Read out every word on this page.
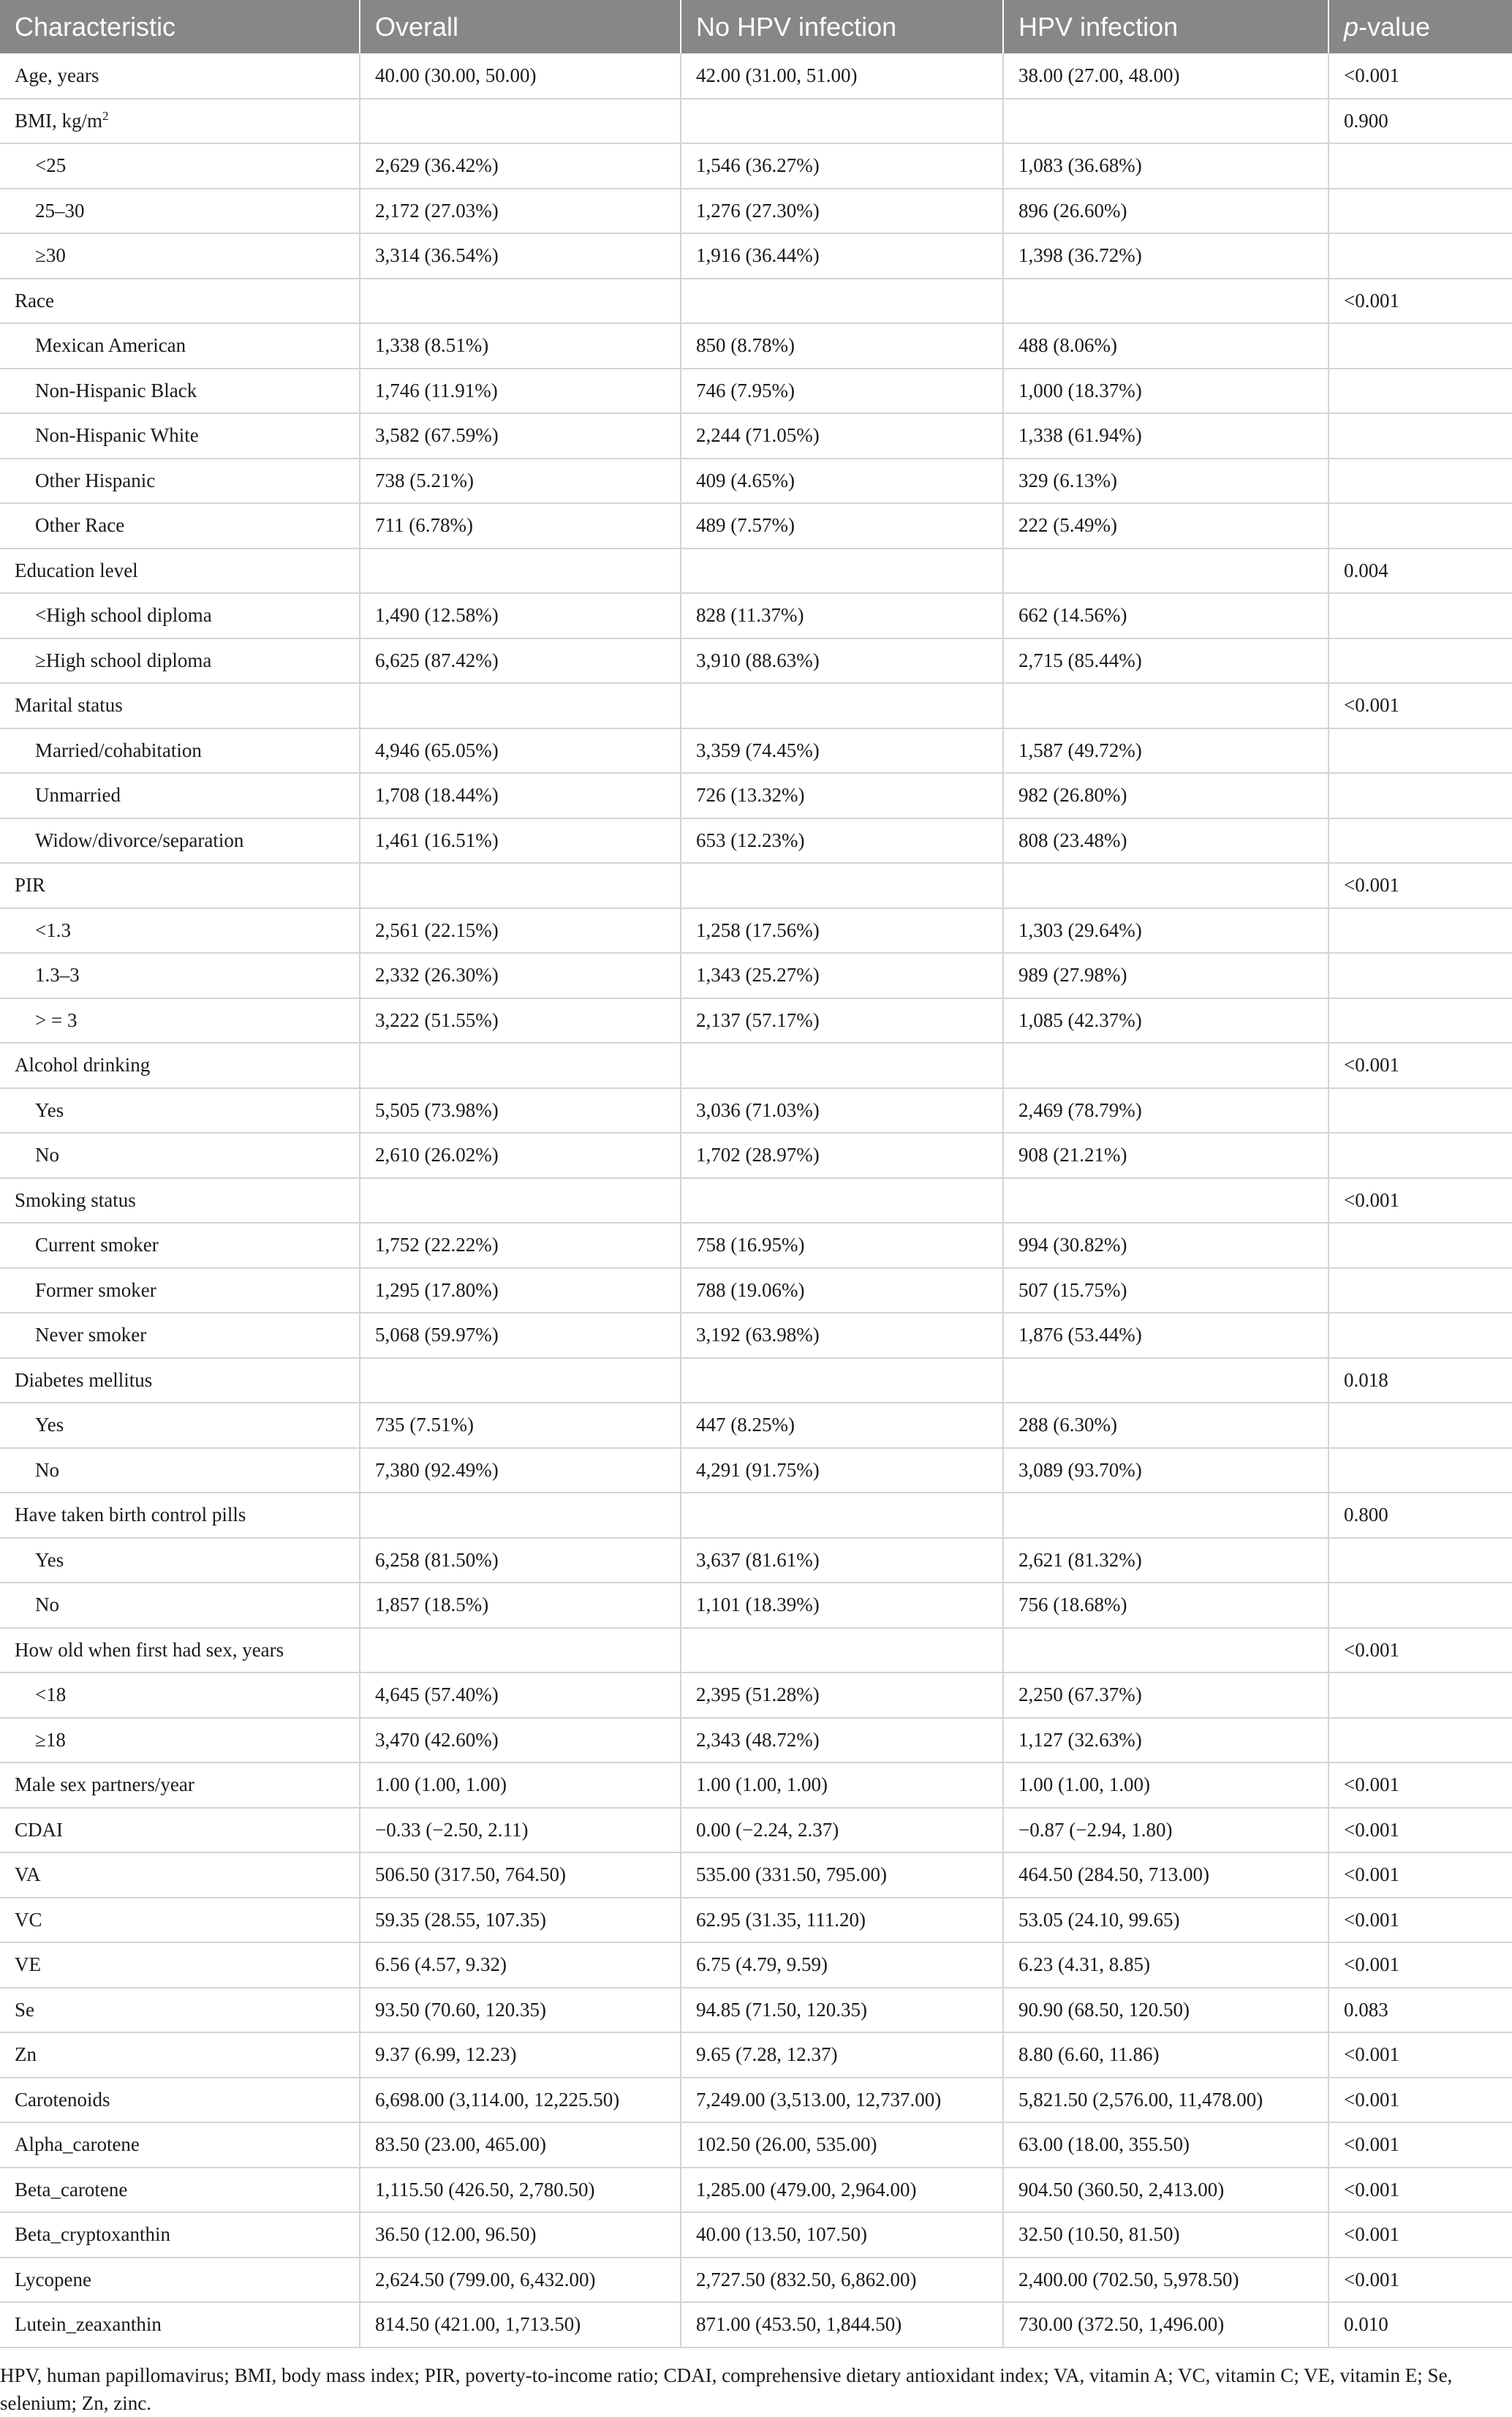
Characteristic	Overall	No HPV infection	HPV infection	p-value
Age, years	40.00 (30.00, 50.00)	42.00 (31.00, 51.00)	38.00 (27.00, 48.00)	<0.001
BMI, $kg/m^2$				0.900
<25	2,629 (36.42%)	1,546 (36.27%)	1,083 (36.68%)	
25–30	2,172 (27.03%)	1,276 (27.30%)	896 (26.60%)	
≥30	3,314 (36.54%)	1,916 (36.44%)	1,398 (36.72%)	
Race				<0.001
Mexican American	1,338 (8.51%)	850 (8.78%)	488 (8.06%)	
Non-Hispanic Black	1,746 (11.91%)	746 (7.95%)	1,000 (18.37%)	
Non-Hispanic White	3,582 (67.59%)	2,244 (71.05%)	1,338 (61.94%)	
Other Hispanic	738 (5.21%)	409 (4.65%)	329 (6.13%)	
Other Race	711 (6.78%)	489 (7.57%)	222 (5.49%)	
Education level				0.004
<High school diploma	1,490 (12.58%)	828 (11.37%)	662 (14.56%)	
≥High school diploma	6,625 (87.42%)	3,910 (88.63%)	2,715 (85.44%)	
Marital status				<0.001
Married/cohabitation	4,946 (65.05%)	3,359 (74.45%)	1,587 (49.72%)	
Unmarried	1,708 (18.44%)	726 (13.32%)	982 (26.80%)	
Widow/divorce/separation	1,461 (16.51%)	653 (12.23%)	808 (23.48%)	
PIR				<0.001
<1.3	2,561 (22.15%)	1,258 (17.56%)	1,303 (29.64%)	
1.3–3	2,332 (26.30%)	1,343 (25.27%)	989 (27.98%)	
> = 3	3,222 (51.55%)	2,137 (57.17%)	1,085 (42.37%)	
Alcohol drinking				<0.001
Yes	5,505 (73.98%)	3,036 (71.03%)	2,469 (78.79%)	
No	2,610 (26.02%)	1,702 (28.97%)	908 (21.21%)	
Smoking status				<0.001
Current smoker	1,752 (22.22%)	758 (16.95%)	994 (30.82%)	
Former smoker	1,295 (17.80%)	788 (19.06%)	507 (15.75%)	
Never smoker	5,068 (59.97%)	3,192 (63.98%)	1,876 (53.44%)	
Diabetes mellitus				0.018
Yes	735 (7.51%)	447 (8.25%)	288 (6.30%)	
No	7,380 (92.49%)	4,291 (91.75%)	3,089 (93.70%)	
Have taken birth control pills				0.800
Yes	6,258 (81.50%)	3,637 (81.61%)	2,621 (81.32%)	
No	1,857 (18.5%)	1,101 (18.39%)	756 (18.68%)	
How old when first had sex, years				<0.001
<18	4,645 (57.40%)	2,395 (51.28%)	2,250 (67.37%)	
≥18	3,470 (42.60%)	2,343 (48.72%)	1,127 (32.63%)	
Male sex partners/year	1.00 (1.00, 1.00)	1.00 (1.00, 1.00)	1.00 (1.00, 1.00)	<0.001
CDAI	−0.33 (−2.50, 2.11)	0.00 (−2.24, 2.37)	−0.87 (−2.94, 1.80)	<0.001
VA	506.50 (317.50, 764.50)	535.00 (331.50, 795.00)	464.50 (284.50, 713.00)	<0.001
VC	59.35 (28.55, 107.35)	62.95 (31.35, 111.20)	53.05 (24.10, 99.65)	<0.001
VE	6.56 (4.57, 9.32)	6.75 (4.79, 9.59)	6.23 (4.31, 8.85)	<0.001
Se	93.50 (70.60, 120.35)	94.85 (71.50, 120.35)	90.90 (68.50, 120.50)	0.083
Zn	9.37 (6.99, 12.23)	9.65 (7.28, 12.37)	8.80 (6.60, 11.86)	<0.001
Carotenoids	6,698.00 (3,114.00, 12,225.50)	7,249.00 (3,513.00, 12,737.00)	5,821.50 (2,576.00, 11,478.00)	<0.001
Alpha_carotene	83.50 (23.00, 465.00)	102.50 (26.00, 535.00)	63.00 (18.00, 355.50)	<0.001
Beta_carotene	1,115.50 (426.50, 2,780.50)	1,285.00 (479.00, 2,964.00)	904.50 (360.50, 2,413.00)	<0.001
Beta_cryptoxanthin	36.50 (12.00, 96.50)	40.00 (13.50, 107.50)	32.50 (10.50, 81.50)	<0.001
Lycopene	2,624.50 (799.00, 6,432.00)	2,727.50 (832.50, 6,862.00)	2,400.00 (702.50, 5,978.50)	<0.001
Lutein_zeaxanthin	814.50 (421.00, 1,713.50)	871.00 (453.50, 1,844.50)	730.00 (372.50, 1,496.00)	0.010

HPV, human papillomavirus; BMI, body mass index; PIR, poverty-to-income ratio; CDAI, comprehensive dietary antioxidant index; VA, vitamin A; VC, vitamin C; VE, vitamin E; Se, selenium; Zn, zinc.
